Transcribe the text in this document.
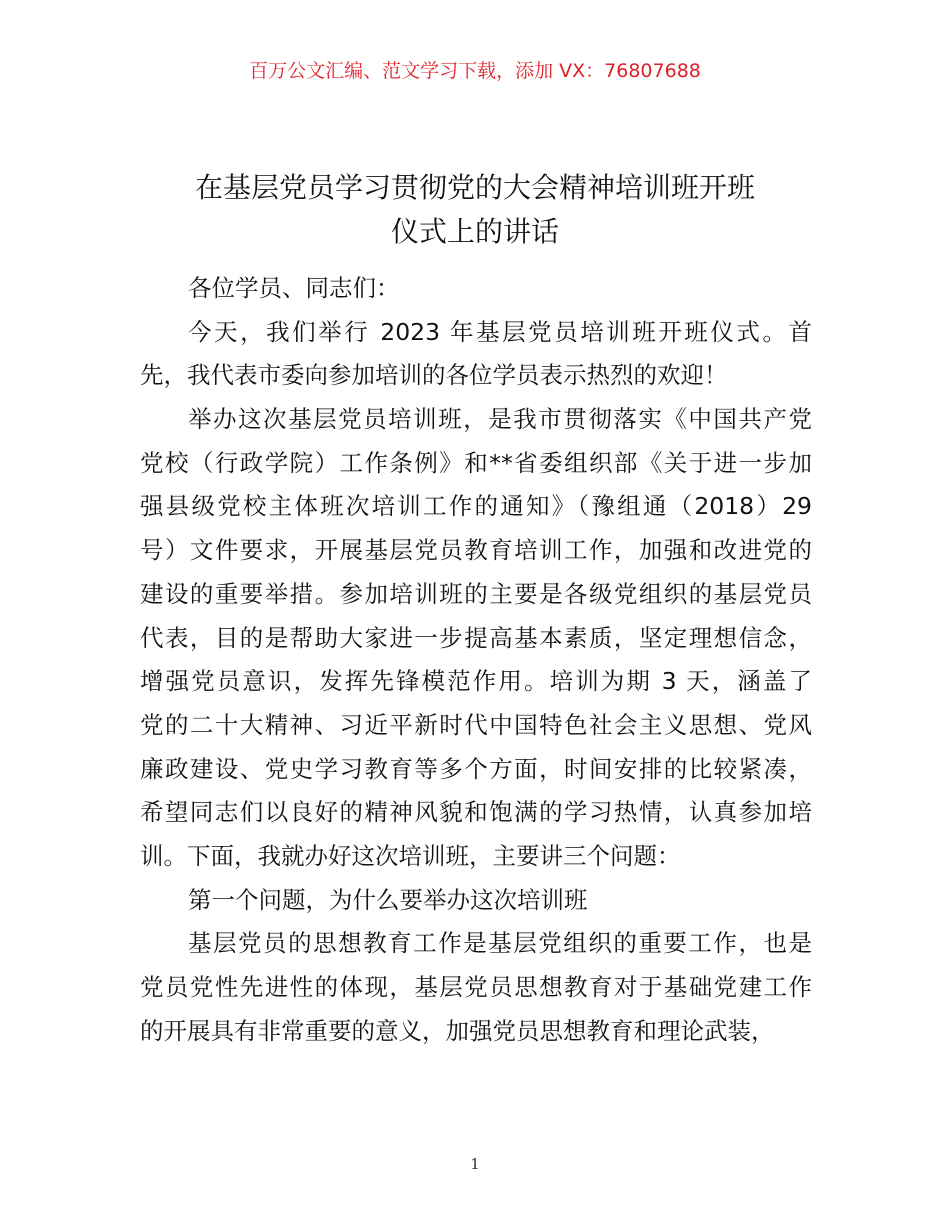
百万公文汇编、范文学习下载，添加 VX：76807688
在基层党员学习贯彻党的大会精神培训班开班
仪式上的讲话
各位学员、同志们：
今天，我们举行 2023 年基层党员培训班开班仪式。首
先，我代表市委向参加培训的各位学员表示热烈的欢迎！
举办这次基层党员培训班，是我市贯彻落实《中国共产党
党校（行政学院）工作条例》和**省委组织部《关于进一步加
强县级党校主体班次培训工作的通知》（豫组通（2018）29
号）文件要求，开展基层党员教育培训工作，加强和改进党的
建设的重要举措。参加培训班的主要是各级党组织的基层党员
代表，目的是帮助大家进一步提高基本素质，坚定理想信念，
增强党员意识，发挥先锋模范作用。培训为期 3 天，涵盖了
党的二十大精神、习近平新时代中国特色社会主义思想、党风
廉政建设、党史学习教育等多个方面，时间安排的比较紧凑，
希望同志们以良好的精神风貌和饱满的学习热情，认真参加培
训。下面，我就办好这次培训班，主要讲三个问题：
第一个问题，为什么要举办这次培训班
基层党员的思想教育工作是基层党组织的重要工作，也是
党员党性先进性的体现，基层党员思想教育对于基础党建工作
的开展具有非常重要的意义，加强党员思想教育和理论武装，
1
